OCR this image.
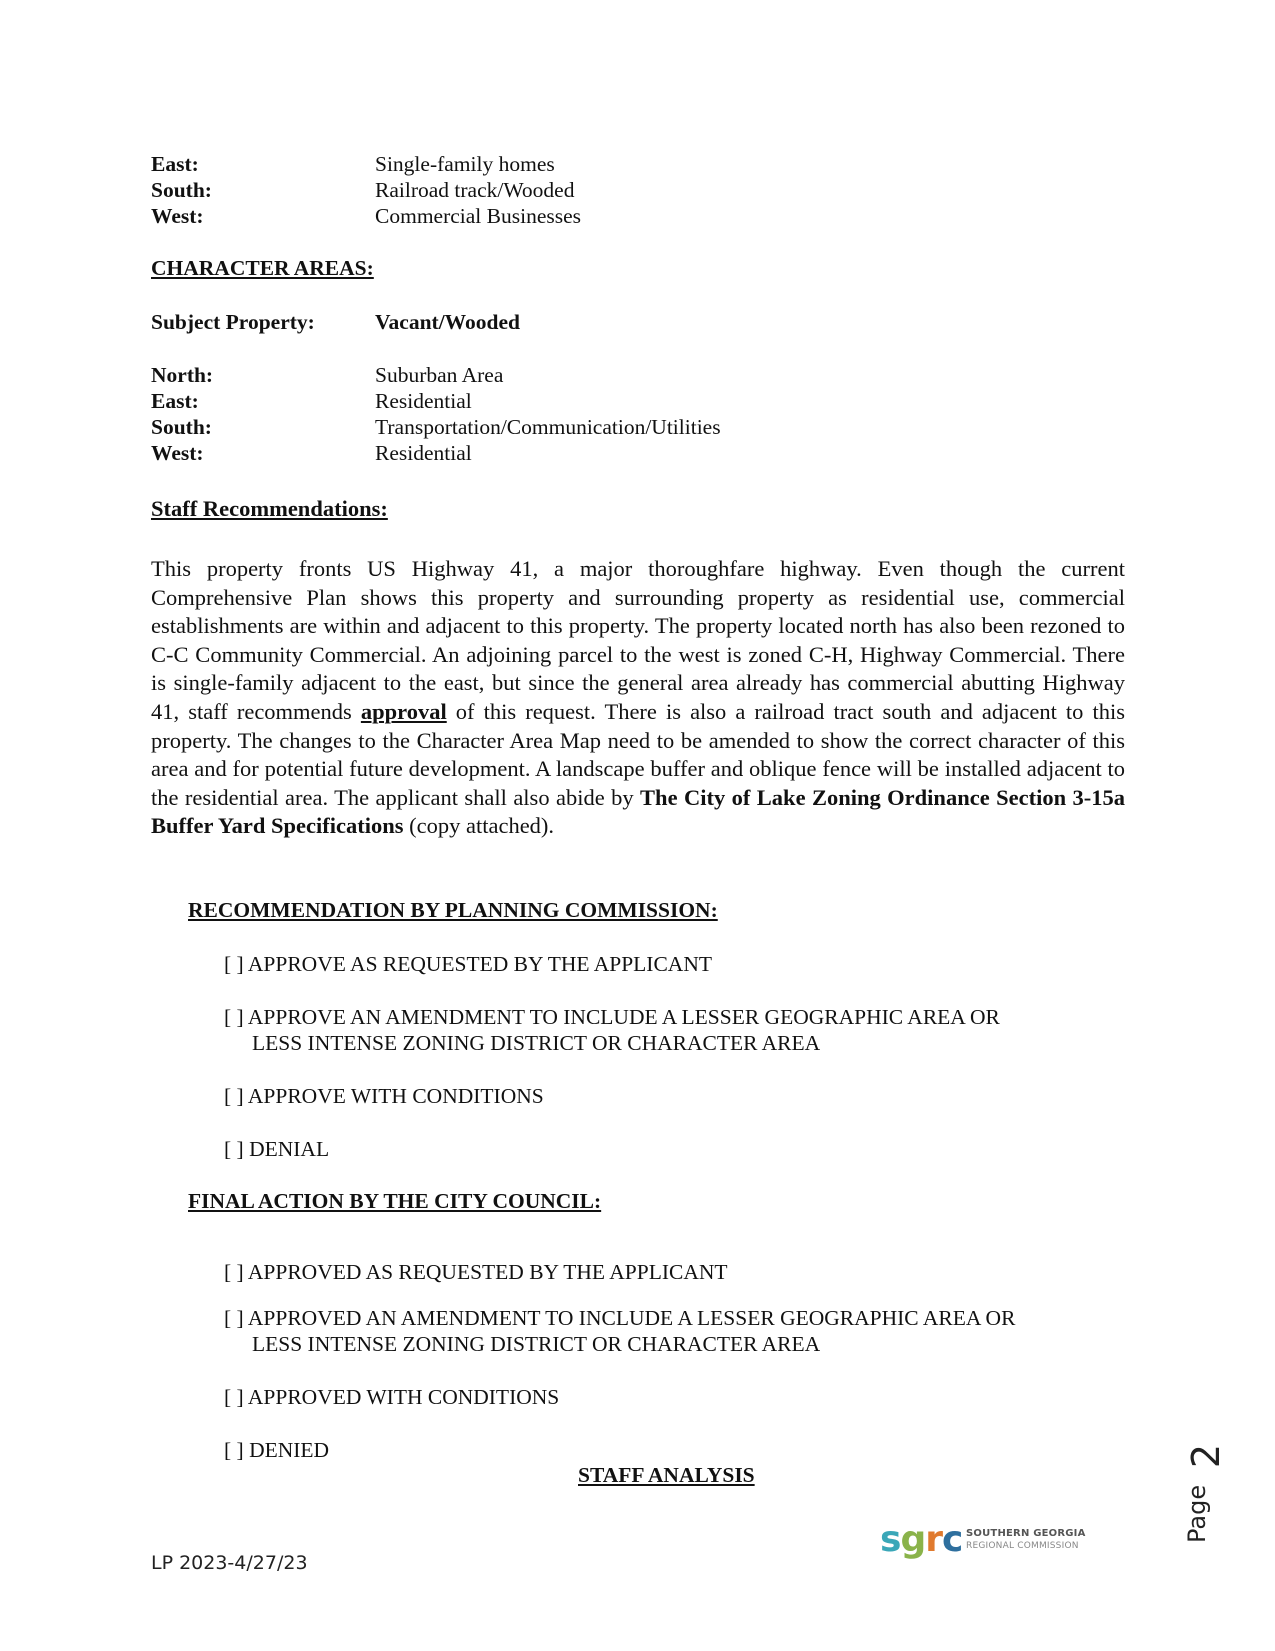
East:	Single-family homes
South:	Railroad track/Wooded
West:	Commercial Businesses
CHARACTER AREAS:
Subject Property:	Vacant/Wooded
North:	Suburban Area
East:	Residential
South:	Transportation/Communication/Utilities
West:	Residential
Staff Recommendations:
This property fronts US Highway 41, a major thoroughfare highway. Even though the current Comprehensive Plan shows this property and surrounding property as residential use, commercial establishments are within and adjacent to this property. The property located north has also been rezoned to C-C Community Commercial. An adjoining parcel to the west is zoned C-H, Highway Commercial. There is single-family adjacent to the east, but since the general area already has commercial abutting Highway 41, staff recommends approval of this request. There is also a railroad tract south and adjacent to this property. The changes to the Character Area Map need to be amended to show the correct character of this area and for potential future development. A landscape buffer and oblique fence will be installed adjacent to the residential area. The applicant shall also abide by The City of Lake Zoning Ordinance Section 3-15a Buffer Yard Specifications (copy attached).
RECOMMENDATION BY PLANNING COMMISSION:
[ ] APPROVE AS REQUESTED BY THE APPLICANT
[ ] APPROVE AN AMENDMENT TO INCLUDE A LESSER GEOGRAPHIC AREA OR
LESS INTENSE ZONING DISTRICT OR CHARACTER AREA
[ ] APPROVE WITH CONDITIONS
[ ] DENIAL
FINAL ACTION BY THE CITY COUNCIL:
[ ] APPROVED AS REQUESTED BY THE APPLICANT
[ ] APPROVED AN AMENDMENT TO INCLUDE A LESSER GEOGRAPHIC AREA OR
LESS INTENSE ZONING DISTRICT OR CHARACTER AREA
[ ] APPROVED WITH CONDITIONS
[ ] DENIED
STAFF ANALYSIS
Page
2
LP 2023-4/27/23
sgrc SOUTHERN GEORGIA
REGIONAL COMMISSION
